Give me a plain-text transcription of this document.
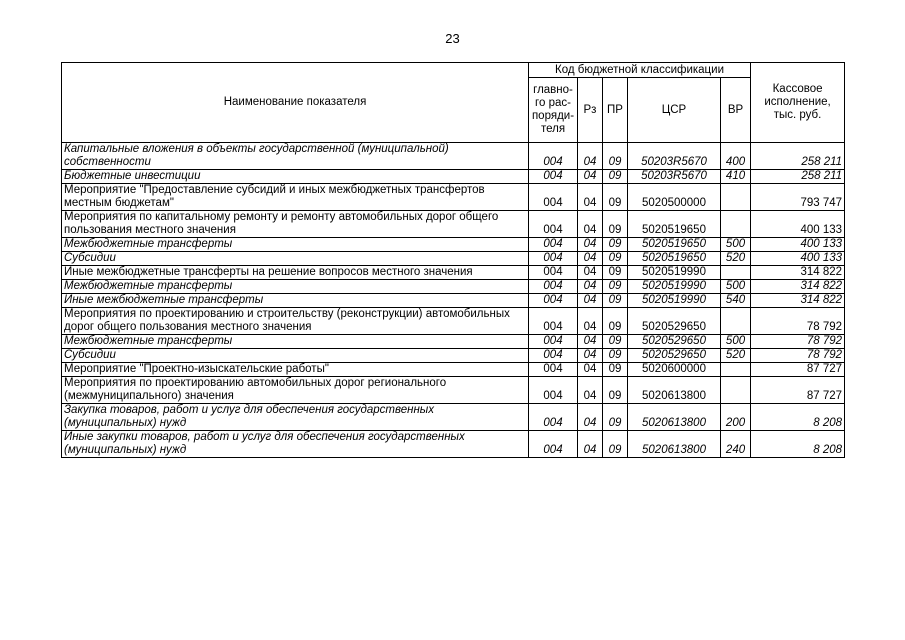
23
Наименование показателя	Код бюджетной классификации					Кассовое исполнение, тыс. руб.
	главно-го рас-поряди-теля	Рз	ПР	ЦСР	ВР	
Капитальные вложения в объекты государственной (муниципальной) собственности	004	04	09	50203R5670	400	258 211
Бюджетные инвестиции	004	04	09	50203R5670	410	258 211
Мероприятие "Предоставление субсидий и иных межбюджетных трансфертов местным бюджетам"	004	04	09	5020500000		793 747
Мероприятия по капитальному ремонту и ремонту автомобильных дорог общего пользования местного значения	004	04	09	5020519650		400 133
Межбюджетные трансферты	004	04	09	5020519650	500	400 133
Субсидии	004	04	09	5020519650	520	400 133
Иные межбюджетные трансферты на решение вопросов местного значения	004	04	09	5020519990		314 822
Межбюджетные трансферты	004	04	09	5020519990	500	314 822
Иные межбюджетные трансферты	004	04	09	5020519990	540	314 822
Мероприятия по проектированию и строительству (реконструкции) автомобильных дорог общего пользования местного значения	004	04	09	5020529650		78 792
Межбюджетные трансферты	004	04	09	5020529650	500	78 792
Субсидии	004	04	09	5020529650	520	78 792
Мероприятие "Проектно-изыскательские работы"	004	04	09	5020600000		87 727
Мероприятия по проектированию автомобильных дорог регионального (межмуниципального) значения	004	04	09	5020613800		87 727
Закупка товаров, работ и услуг для обеспечения государственных (муниципальных) нужд	004	04	09	5020613800	200	8 208
Иные закупки товаров, работ и услуг для обеспечения государственных (муниципальных) нужд	004	04	09	5020613800	240	8 208
